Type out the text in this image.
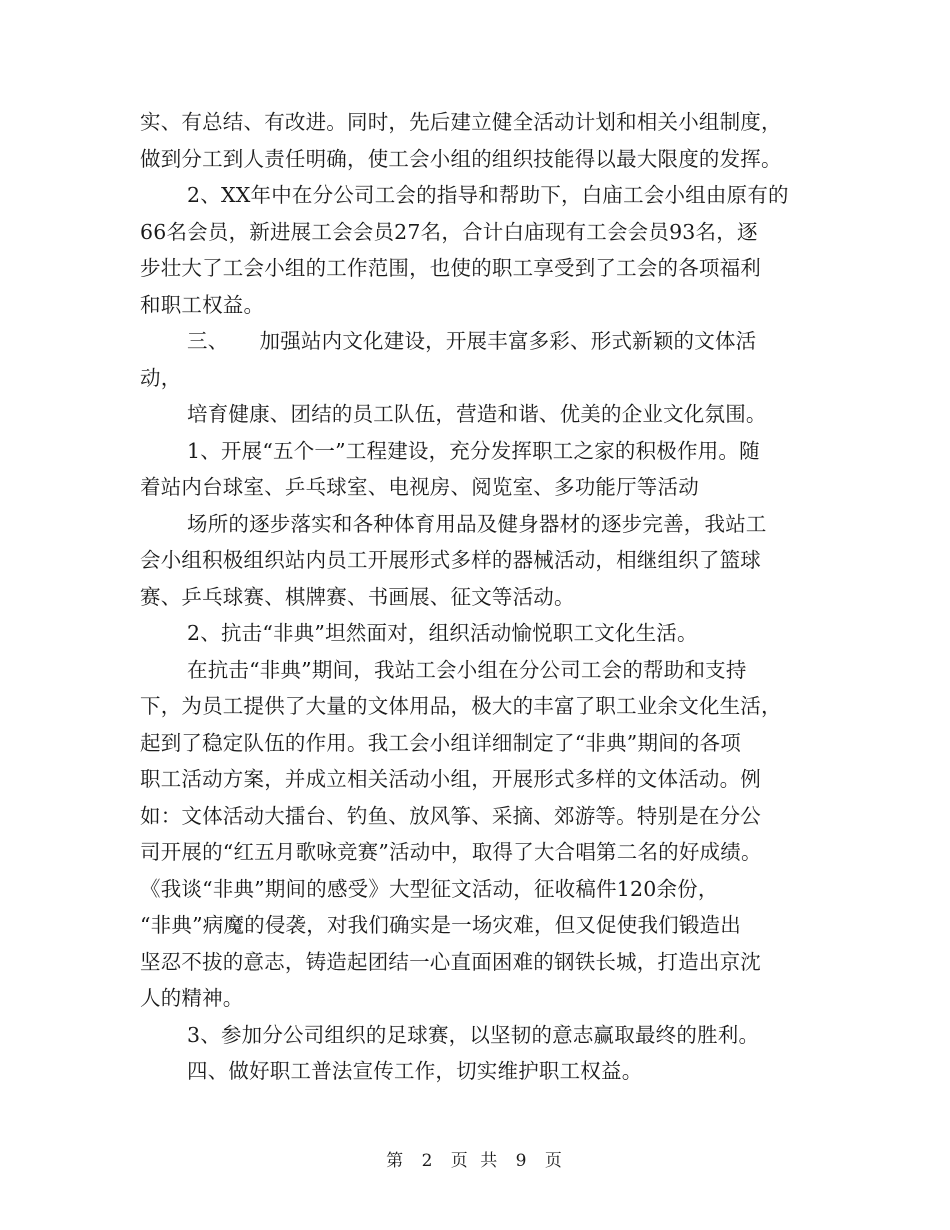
实、有总结、有改进。同时，先后建立健全活动计划和相关小组制度，
做到分工到人责任明确，使工会小组的组织技能得以最大限度的发挥。
2、XX年中在分公司工会的指导和帮助下，白庙工会小组由原有的
66名会员，新进展工会会员27名，合计白庙现有工会会员93名，逐
步壮大了工会小组的工作范围，也使的职工享受到了工会的各项福利
和职工权益。
三、　　加强站内文化建设，开展丰富多彩、形式新颖的文体活
动，
培育健康、团结的员工队伍，营造和谐、优美的企业文化氛围。
1、开展“五个一”工程建设，充分发挥职工之家的积极作用。随
着站内台球室、乒乓球室、电视房、阅览室、多功能厅等活动
场所的逐步落实和各种体育用品及健身器材的逐步完善，我站工
会小组积极组织站内员工开展形式多样的器械活动，相继组织了篮球
赛、乒乓球赛、棋牌赛、书画展、征文等活动。
2、抗击“非典”坦然面对，组织活动愉悦职工文化生活。
在抗击“非典”期间，我站工会小组在分公司工会的帮助和支持
下，为员工提供了大量的文体用品，极大的丰富了职工业余文化生活，
起到了稳定队伍的作用。我工会小组详细制定了“非典”期间的各项
职工活动方案，并成立相关活动小组，开展形式多样的文体活动。例
如：文体活动大擂台、钓鱼、放风筝、采摘、郊游等。特别是在分公
司开展的“红五月歌咏竞赛”活动中，取得了大合唱第二名的好成绩。
《我谈“非典”期间的感受》大型征文活动，征收稿件120余份，
“非典”病魔的侵袭，对我们确实是一场灾难，但又促使我们锻造出
坚忍不拔的意志，铸造起团结一心直面困难的钢铁长城，打造出京沈
人的精神。
3、参加分公司组织的足球赛，以坚韧的意志赢取最终的胜利。
四、做好职工普法宣传工作，切实维护职工权益。
第 2 页 共 9 页
